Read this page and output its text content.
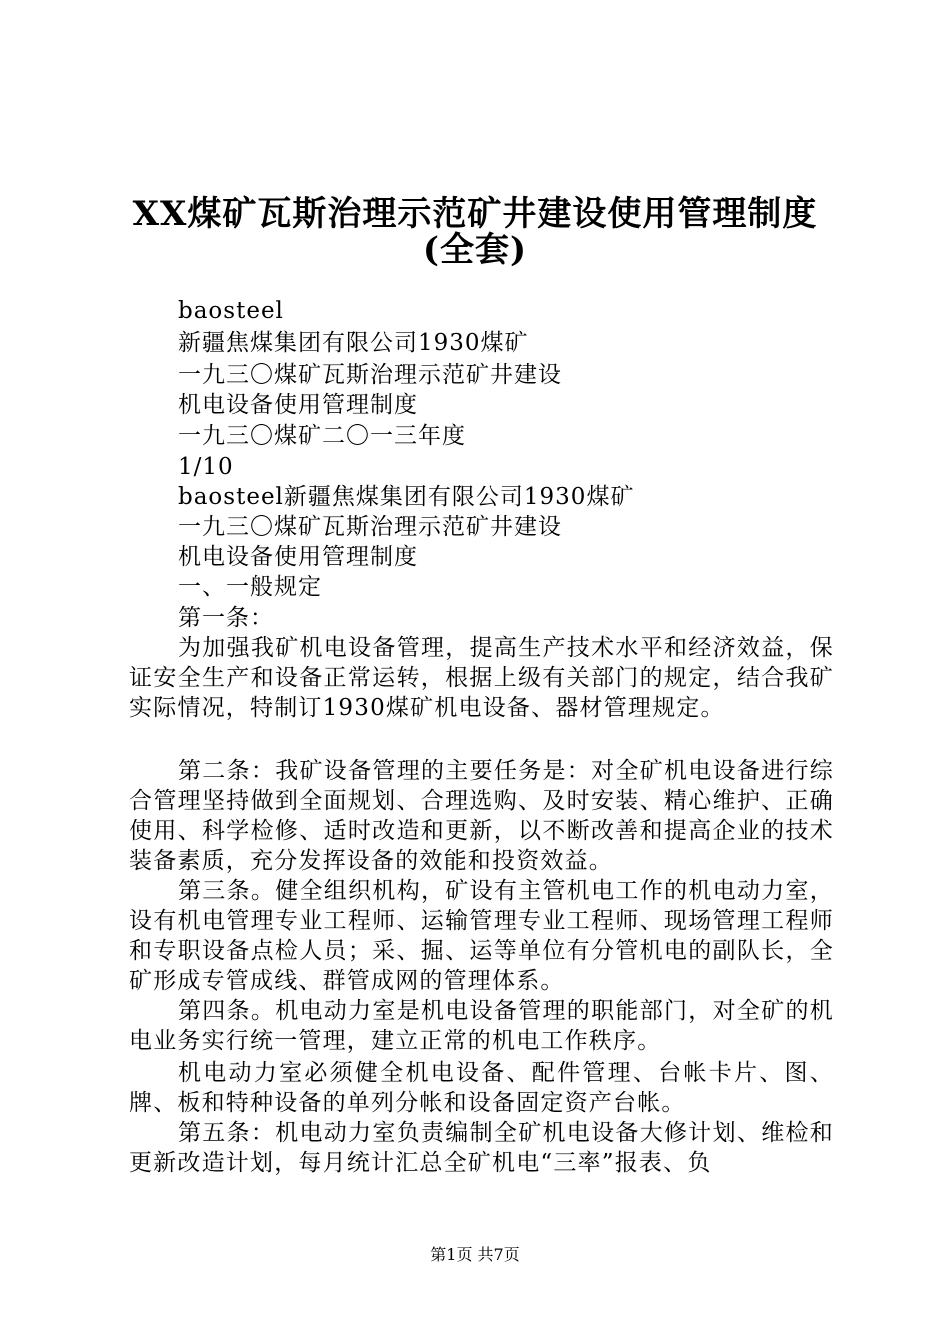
XX煤矿瓦斯治理示范矿井建设使用管理制度
(全套)
baosteel
新疆焦煤集团有限公司1930煤矿
一九三〇煤矿瓦斯治理示范矿井建设
机电设备使用管理制度
一九三〇煤矿二〇一三年度
1/10
baosteel新疆焦煤集团有限公司1930煤矿
一九三〇煤矿瓦斯治理示范矿井建设
机电设备使用管理制度
一、一般规定
第一条：
为加强我矿机电设备管理，提高生产技术水平和经济效益，保证安全生产和设备正常运转，根据上级有关部门的规定，结合我矿实际情况，特制订1930煤矿机电设备、器材管理规定。
第二条：我矿设备管理的主要任务是：对全矿机电设备进行综合管理坚持做到全面规划、合理选购、及时安装、精心维护、正确使用、科学检修、适时改造和更新，以不断改善和提高企业的技术装备素质，充分发挥设备的效能和投资效益。
第三条。健全组织机构，矿设有主管机电工作的机电动力室，设有机电管理专业工程师、运输管理专业工程师、现场管理工程师和专职设备点检人员；采、掘、运等单位有分管机电的副队长，全矿形成专管成线、群管成网的管理体系。
第四条。机电动力室是机电设备管理的职能部门，对全矿的机电业务实行统一管理，建立正常的机电工作秩序。
机电动力室必须健全机电设备、配件管理、台帐卡片、图、牌、板和特种设备的单列分帐和设备固定资产台帐。
第五条：机电动力室负责编制全矿机电设备大修计划、维检和更新改造计划，每月统计汇总全矿机电“三率”报表、负
第1页 共7页
